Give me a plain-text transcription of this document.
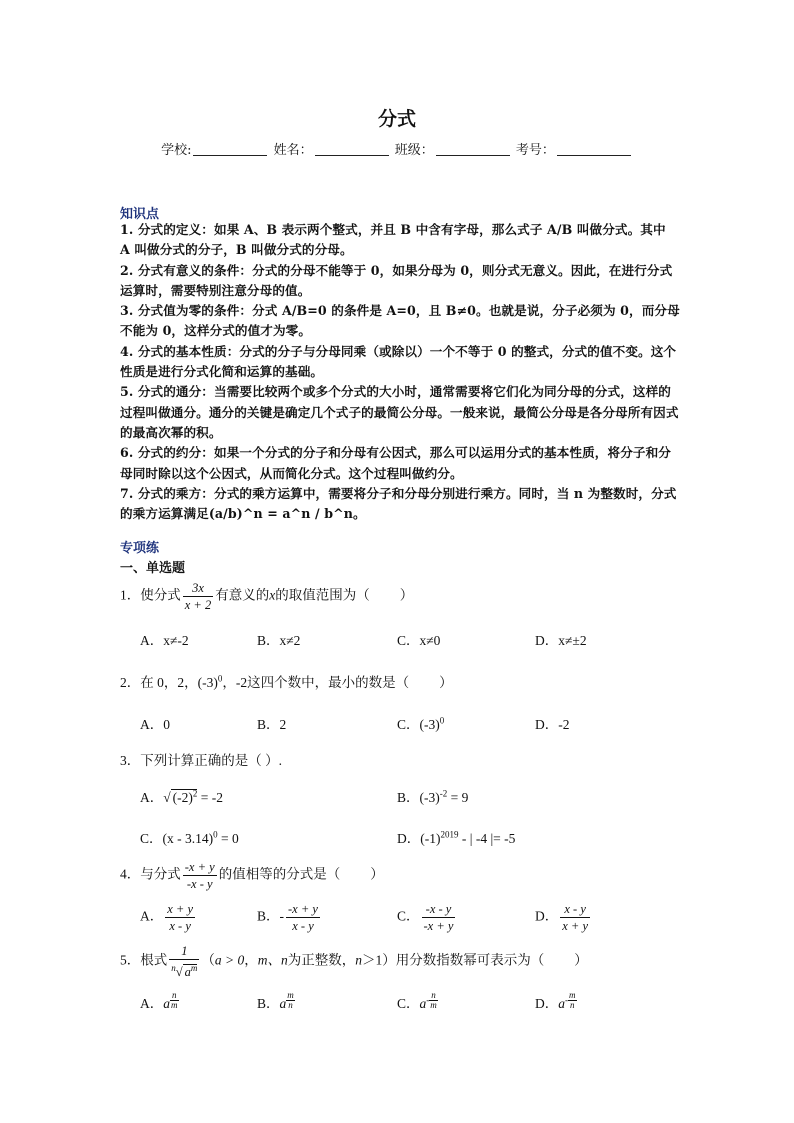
分式
学校:	姓名：	班级：	考号：
知识点

1. 分式的定义：如果 A、B 表示两个整式，并且 B 中含有字母，那么式子 A/B 叫做分式。其中 A 叫做分式的分子，B 叫做分式的分母。

2. 分式有意义的条件：分式的分母不能等于 0，如果分母为 0，则分式无意义。因此，在进行分式运算时，需要特别注意分母的值。

3. 分式值为零的条件：分式 A/B=0 的条件是 A=0，且 B≠0。也就是说，分子必须为 0，而分母不能为 0，这样分式的值才为零。

4. 分式的基本性质：分式的分子与分母同乘（或除以）一个不等于 0 的整式，分式的值不变。这个性质是进行分式化简和运算的基础。

5. 分式的通分：当需要比较两个或多个分式的大小时，通常需要将它们化为同分母的分式，这样的过程叫做通分。通分的关键是确定几个式子的最简公分母。一般来说，最简公分母是各分母所有因式的最高次幂的积。

6. 分式的约分：如果一个分式的分子和分母有公因式，那么可以运用分式的基本性质，将分子和分母同时除以这个公因式，从而简化分式。这个过程叫做约分。

7. 分式的乘方：分式的乘方运算中，需要将分子和分母分别进行乘方。同时，当 n 为整数时，分式的乘方运算满足(a/b)^n = a^n / b^n。

专项练
一、单选题
1．使分式 $\frac{3x}{x + 2}$ 有意义的x的取值范围为（ ）
A．x≠-2	B．x≠2	C．x≠0	D．x≠±2
2．在 0，2，$(-3)^0$，-2这四个数中，最小的数是（ ）
A．0	B．2	C．$(-3)^0$	D．-2
3．下列计算正确的是（ ）.
A．√ $(-2)^2 = -2$	B．$(-3)^{-2} = 9$
C．(x - 3.14)$^0$ = 0	D．$(-1)^{2019}$ - | -4 |= -5
4．与分式 $\frac{-x + y}{-x - y}$ 的值相等的分式是（ ）
A． $\frac{x + y}{x - y}$	B．- $\frac{-x + y}{x - y}$	C． $\frac{-x - y}{-x + y}$	D． $\frac{x - y}{x + y}$
5．根式 $\frac{1}{^n√ a^m} (a > 0$，m、n为正整数，n＞1）用分数指数幂可表示为（ ）
A．a $^{\frac{n}{m}}$	B．a $^{\frac{m}{n}}$	C．$a^{- \frac{n}{m}}$	D．$a^{- \frac{m}{n}}$
